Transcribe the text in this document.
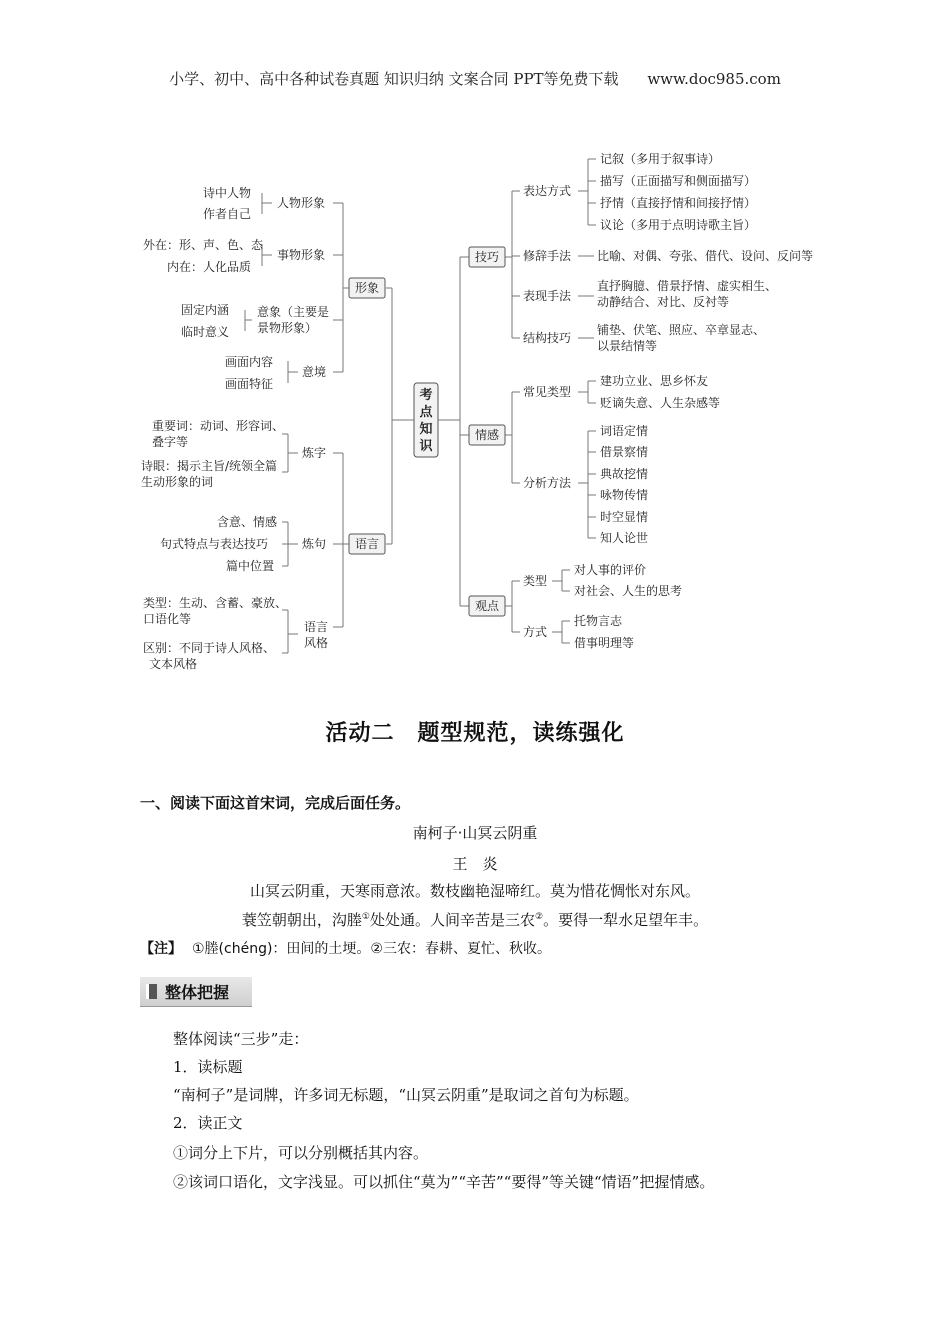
小学、初中、高中各种试卷真题 知识归纳 文案合同 PPT等免费下载 www.doc985.com
考
点
知
识
形象
人物形象
诗中人物
作者自己
事物形象
外在：形、声、色、态
内在：人化品质
意象（主要是
景物形象）
固定内涵
临时意义
意境
画面内容
画面特征
语言
炼字
重要词：动词、形容词、
叠字等
诗眼：揭示主旨/统领全篇
生动形象的词
炼句
含意、情感
句式特点与表达技巧
篇中位置
语言
风格
类型：生动、含蓄、豪放、
口语化等
区别：不同于诗人风格、
文本风格
技巧
表达方式
记叙（多用于叙事诗）
描写（正面描写和侧面描写）
抒情（直接抒情和间接抒情）
议论（多用于点明诗歌主旨）
修辞手法 比喻、对偶、夸张、借代、设问、反问等
表现手法
直抒胸臆、借景抒情、虚实相生、
动静结合、对比、反衬等
结构技巧
铺垫、伏笔、照应、卒章显志、
以景结情等
情感
常见类型
建功立业、思乡怀友
贬谪失意、人生杂感等
分析方法
词语定情
借景察情
典故挖情
咏物传情
时空显情
知人论世
观点
类型
对人事的评价
对社会、人生的思考
方式
托物言志
借事明理等
活动二　题型规范，读练强化
一、阅读下面这首宋词，完成后面任务。
南柯子·山冥云阴重
王　炎
山冥云阴重，天寒雨意浓。数枝幽艳湿啼红。莫为惜花惆怅对东风。
蓑笠朝朝出，沟塍①处处通。人间辛苦是三农②。要得一犁水足望年丰。
【注】 ①塍(chéng)：田间的土埂。②三农：春耕、夏忙、秋收。
整体把握
整体阅读“三步”走：
1．读标题
“南柯子”是词牌，许多词无标题，“山冥云阴重”是取词之首句为标题。
2．读正文
①词分上下片，可以分别概括其内容。
②该词口语化，文字浅显。可以抓住“莫为”“辛苦”“要得”等关键“情语”把握情感。
